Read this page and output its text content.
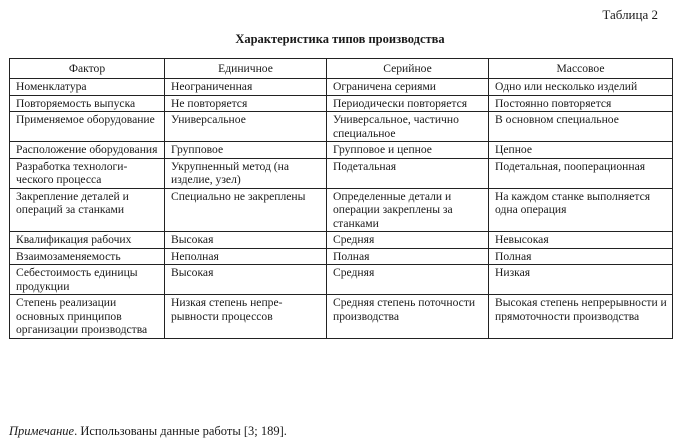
Таблица 2
Характеристика типов производства
Фактор	Единичное	Серийное	Массовое
Номенклатура	Неограниченная	Ограничена сериями	Одно или несколько изделий
Повторяемость выпуска	Не повторяется	Периодически повторяется	Постоянно повторяется
Применяемое оборудование	Универсальное	Универсальное, частично специальное	В основном специальное
Расположение оборудования	Групповое	Групповое и цепное	Цепное
Разработка технологического процесса	Укрупненный метод (на изделие, узел)	Подетальная	Подетальная, пооперационная
Закрепление деталей и операций за станками	Специально не закреплены	Определенные детали и операции закреплены за станками	На каждом станке выполняется одна операция
Квалификация рабочих	Высокая	Средняя	Невысокая
Взаимозаменяемость	Неполная	Полная	Полная
Себестоимость единицы продукции	Высокая	Средняя	Низкая
Степень реализации основных принципов организации производства	Низкая степень непрерывности процессов	Средняя степень поточности производства	Высокая степень непрерывности и прямоточности производства
Примечание. Использованы данные работы [3; 189].
